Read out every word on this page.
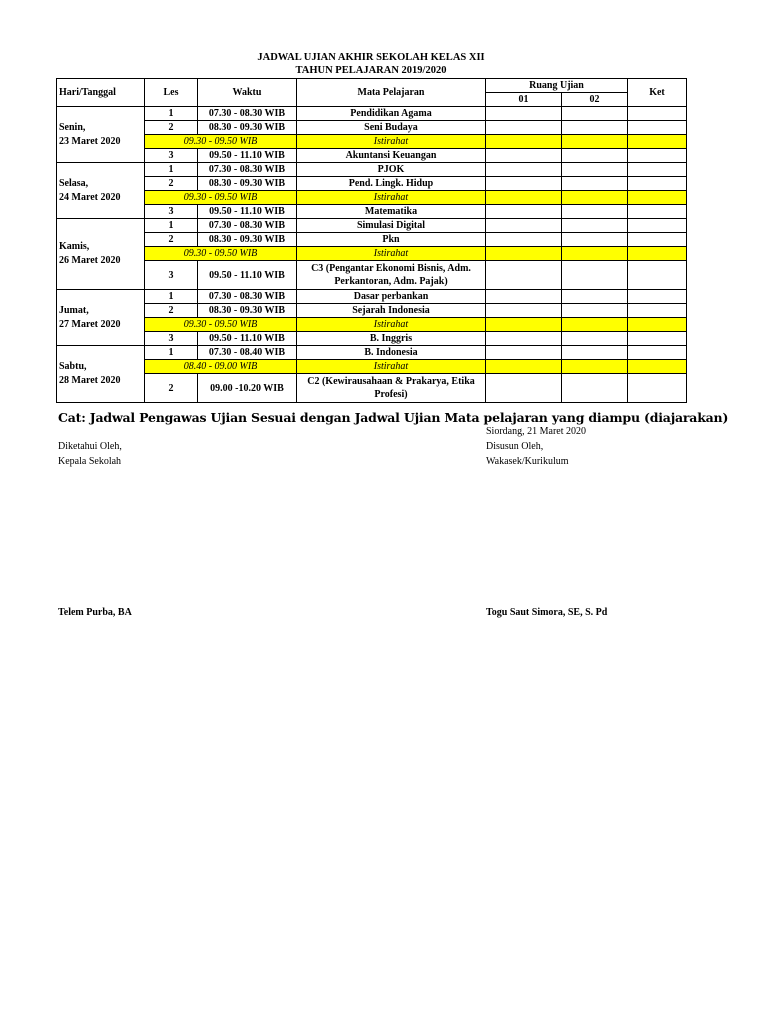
JADWAL UJIAN AKHIR SEKOLAH KELAS XII
TAHUN PELAJARAN 2019/2020
Hari/Tanggal	Les	Waktu	Mata Pelajaran	Ruang Ujian		Ket
				01	02	

Senin,
23 Maret 2020	1	07.30 - 08.30 WIB	Pendidikan Agama			
	2	08.30 - 09.30 WIB	Seni Budaya			
	09.30 - 09.50 WIB		Istirahat			
	3	09.50 - 11.10 WIB	Akuntansi Keuangan			

Selasa,
24 Maret 2020	1	07.30 - 08.30 WIB	PJOK			
	2	08.30 - 09.30 WIB	Pend. Lingk. Hidup			
	09.30 - 09.50 WIB		Istirahat			
	3	09.50 - 11.10 WIB	Matematika			

Kamis,
26 Maret 2020	1	07.30 - 08.30 WIB	Simulasi Digital			
	2	08.30 - 09.30 WIB	Pkn			
	09.30 - 09.50 WIB		Istirahat			
	3	09.50 - 11.10 WIB	C3 (Pengantar Ekonomi Bisnis, Adm. Perkantoran, Adm. Pajak)			

Jumat,
27 Maret 2020	1	07.30 - 08.30 WIB	Dasar perbankan			
	2	08.30 - 09.30 WIB	Sejarah Indonesia			
	09.30 - 09.50 WIB		Istirahat			
	3	09.50 - 11.10 WIB	B. Inggris			

Sabtu,
28 Maret 2020	1	07.30 - 08.40 WIB	B. Indonesia			
	08.40 - 09.00 WIB		Istirahat			
	2	09.00 -10.20 WIB	C2 (Kewirausahaan & Prakarya, Etika Profesi)			
Cat: Jadwal Pengawas Ujian Sesuai dengan Jadwal Ujian Mata pelajaran yang diampu (diajarakan)
Siordang, 21 Maret 2020
Diketahui Oleh,	Disusun Oleh,
Kepala Sekolah	Wakasek/Kurikulum
Telem Purba, BA	Togu Saut Simora, SE, S. Pd
